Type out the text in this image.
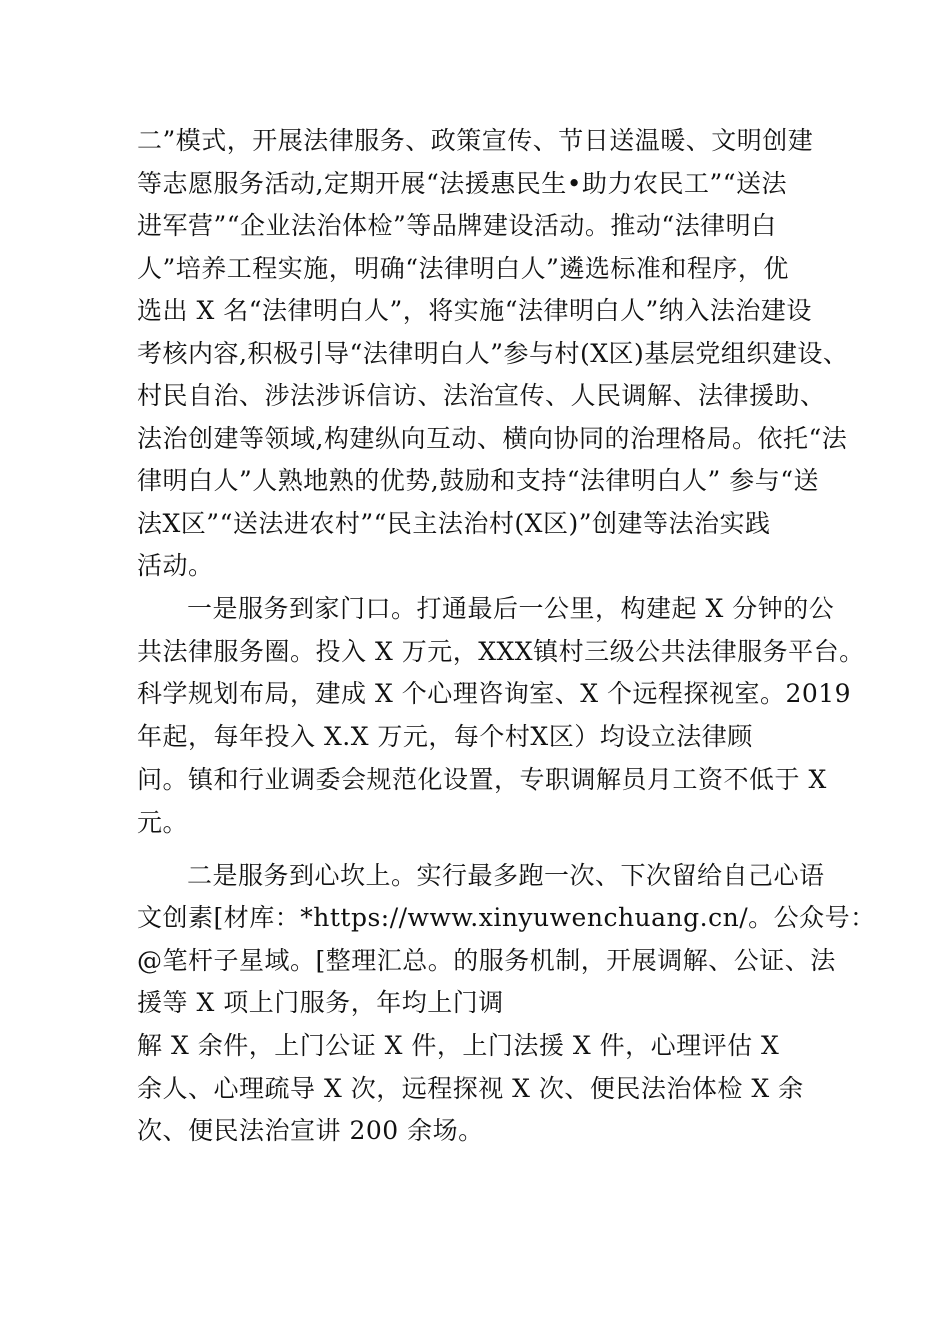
二”模式，开展法律服务、政策宣传、节日送温暖、文明创建
等志愿服务活动,定期开展“法援惠民生•助力农民工”“送法
进军营”“企业法治体检”等品牌建设活动。推动“法律明白
人”培养工程实施，明确“法律明白人”遴选标准和程序，优
选出 X 名“法律明白人”，将实施“法律明白人”纳入法治建设
考核内容,积极引导“法律明白人”参与村(X区)基层党组织建设、
村民自治、涉法涉诉信访、法治宣传、人民调解、法律援助、
法治创建等领域,构建纵向互动、横向协同的治理格局。依托“法
律明白人”人熟地熟的优势,鼓励和支持“法律明白人” 参与“送
法X区”“送法进农村”“民主法治村(X区)”创建等法治实践
活动。
一是服务到家门口。打通最后一公里，构建起 X 分钟的公
共法律服务圈。投入 X 万元，XXX镇村三级公共法律服务平台。
科学规划布局，建成 X 个心理咨询室、X 个远程探视室。2019
年起，每年投入 X.X 万元，每个村X区）均设立法律顾
问。镇和行业调委会规范化设置，专职调解员月工资不低于 X
元。
二是服务到心坎上。实行最多跑一次、下次留给自己心语
文创素[材库：*https://www.xinyuwenchuang.cn/。公众号：
@笔杆子星域。[整理汇总。的服务机制，开展调解、公证、法
援等 X 项上门服务，年均上门调
解 X 余件，上门公证 X 件，上门法援 X 件，心理评估 X
余人、心理疏导 X 次，远程探视 X 次、便民法治体检 X 余
次、便民法治宣讲 200 余场。
